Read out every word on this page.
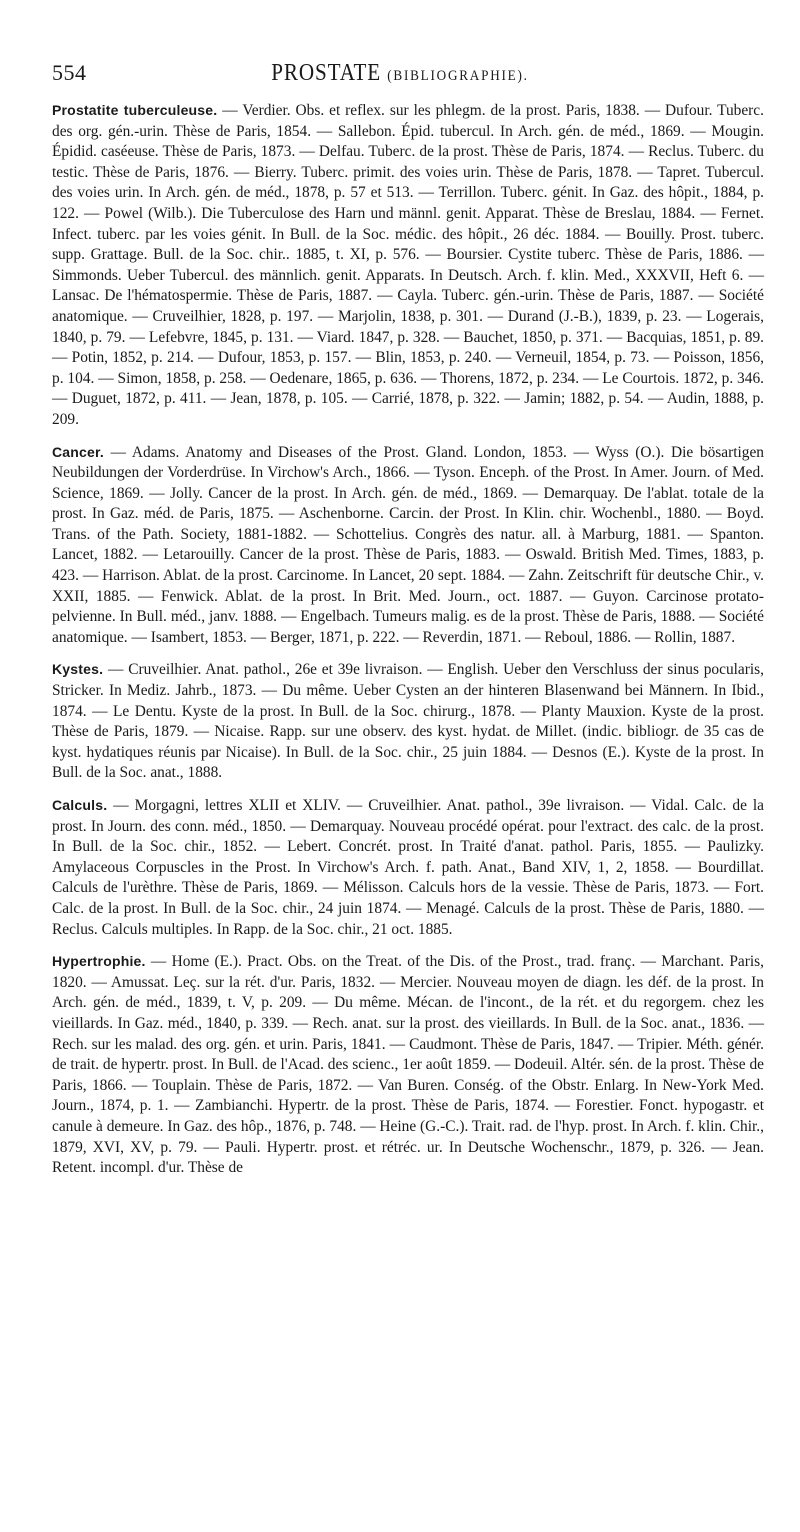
554	PROSTATE (BIBLIOGRAPHIE).

Prostatite tuberculeuse. — Verdier. Obs. et reflex. sur les phlegm. de la prost. Paris, 1838. — Dufour. Tuberc. des org. gén.-urin. Thèse de Paris, 1854. — Sallebon. Épid. tubercul. In Arch. gén. de méd., 1869. — Mougin. Épidid. caséeuse. Thèse de Paris, 1873. — Delfau. Tuberc. de la prost. Thèse de Paris, 1874. — Reclus. Tuberc. du testic. Thèse de Paris, 1876. — Bierry. Tuberc. primit. des voies urin. Thèse de Paris, 1878. — Tapret. Tubercul. des voies urin. In Arch. gén. de méd., 1878, p. 57 et 513. — Terrillon. Tuberc. génit. In Gaz. des hôpit., 1884, p. 122. — Powel (Wilb.). Die Tuberculose des Harn und männl. genit. Apparat. Thèse de Breslau, 1884. — Fernet. Infect. tuberc. par les voies génit. In Bull. de la Soc. médic. des hôpit., 26 déc. 1884. — Bouilly. Prost. tuberc. supp. Grattage. Bull. de la Soc. chir.. 1885, t. XI, p. 576. — Boursier. Cystite tuberc. Thèse de Paris, 1886. — Simmonds. Ueber Tubercul. des männlich. genit. Apparats. In Deutsch. Arch. f. klin. Med., XXXVII, Heft 6. — Lansac. De l'hématospermie. Thèse de Paris, 1887. — Cayla. Tuberc. gén.-urin. Thèse de Paris, 1887. — Société anatomique. — Cruveilhier, 1828, p. 197. — Marjolin, 1838, p. 301. — Durand (J.-B.), 1839, p. 23. — Logerais, 1840, p. 79. — Lefebvre, 1845, p. 131. — Viard. 1847, p. 328. — Bauchet, 1850, p. 371. — Bacquias, 1851, p. 89. — Potin, 1852, p. 214. — Dufour, 1853, p. 157. — Blin, 1853, p. 240. — Verneuil, 1854, p. 73. — Poisson, 1856, p. 104. — Simon, 1858, p. 258. — Oedenare, 1865, p. 636. — Thorens, 1872, p. 234. — Le Courtois. 1872, p. 346. — Duguet, 1872, p. 411. — Jean, 1878, p. 105. — Carrié, 1878, p. 322. — Jamin; 1882, p. 54. — Audin, 1888, p. 209.

Cancer. — Adams. Anatomy and Diseases of the Prost. Gland. London, 1853. — Wyss (O.). Die bösartigen Neubildungen der Vorderdrüse. In Virchow's Arch., 1866. — Tyson. Enceph. of the Prost. In Amer. Journ. of Med. Science, 1869. — Jolly. Cancer de la prost. In Arch. gén. de méd., 1869. — Demarquay. De l'ablat. totale de la prost. In Gaz. méd. de Paris, 1875. — Aschenborne. Carcin. der Prost. In Klin. chir. Wochenbl., 1880. — Boyd. Trans. of the Path. Society, 1881-1882. — Schottelius. Congrès des natur. all. à Marburg, 1881. — Spanton. Lancet, 1882. — Letarouilly. Cancer de la prost. Thèse de Paris, 1883. — Oswald. British Med. Times, 1883, p. 423. — Harrison. Ablat. de la prost. Carcinome. In Lancet, 20 sept. 1884. — Zahn. Zeitschrift für deutsche Chir., v. XXII, 1885. — Fenwick. Ablat. de la prost. In Brit. Med. Journ., oct. 1887. — Guyon. Carcinose protato-pelvienne. In Bull. méd., janv. 1888. — Engelbach. Tumeurs malig. es de la prost. Thèse de Paris, 1888. — Société anatomique. — Isambert, 1853. — Berger, 1871, p. 222. — Reverdin, 1871. — Reboul, 1886. — Rollin, 1887.

Kystes. — Cruveilhier. Anat. pathol., 26e et 39e livraison. — English. Ueber den Verschluss der sinus pocularis, Stricker. In Mediz. Jahrb., 1873. — Du même. Ueber Cysten an der hinteren Blasenwand bei Männern. In Ibid., 1874. — Le Dentu. Kyste de la prost. In Bull. de la Soc. chirurg., 1878. — Planty Mauxion. Kyste de la prost. Thèse de Paris, 1879. — Nicaise. Rapp. sur une observ. des kyst. hydat. de Millet. (indic. bibliogr. de 35 cas de kyst. hydatiques réunis par Nicaise). In Bull. de la Soc. chir., 25 juin 1884. — Desnos (E.). Kyste de la prost. In Bull. de la Soc. anat., 1888.

Calculs. — Morgagni, lettres XLII et XLIV. — Cruveilhier. Anat. pathol., 39e livraison. — Vidal. Calc. de la prost. In Journ. des conn. méd., 1850. — Demarquay. Nouveau procédé opérat. pour l'extract. des calc. de la prost. In Bull. de la Soc. chir., 1852. — Lebert. Concrét. prost. In Traité d'anat. pathol. Paris, 1855. — Paulizky. Amylaceous Corpuscles in the Prost. In Virchow's Arch. f. path. Anat., Band XIV, 1, 2, 1858. — Bourdillat. Calculs de l'urèthre. Thèse de Paris, 1869. — Mélisson. Calculs hors de la vessie. Thèse de Paris, 1873. — Fort. Calc. de la prost. In Bull. de la Soc. chir., 24 juin 1874. — Menagé. Calculs de la prost. Thèse de Paris, 1880. — Reclus. Calculs multiples. In Rapp. de la Soc. chir., 21 oct. 1885.

Hypertrophie. — Home (E.). Pract. Obs. on the Treat. of the Dis. of the Prost., trad. franç. — Marchant. Paris, 1820. — Amussat. Leç. sur la rét. d'ur. Paris, 1832. — Mercier. Nouveau moyen de diagn. les déf. de la prost. In Arch. gén. de méd., 1839, t. V, p. 209. — Du même. Mécan. de l'incont., de la rét. et du regorgem. chez les vieillards. In Gaz. méd., 1840, p. 339. — Rech. anat. sur la prost. des vieillards. In Bull. de la Soc. anat., 1836. — Rech. sur les malad. des org. gén. et urin. Paris, 1841. — Caudmont. Thèse de Paris, 1847. — Tripier. Méth. génér. de trait. de hypertr. prost. In Bull. de l'Acad. des scienc., 1er août 1859. — Dodeuil. Altér. sén. de la prost. Thèse de Paris, 1866. — Touplain. Thèse de Paris, 1872. — Van Buren. Conség. of the Obstr. Enlarg. In New-York Med. Journ., 1874, p. 1. — Zambianchi. Hypertr. de la prost. Thèse de Paris, 1874. — Forestier. Fonct. hypogastr. et canule à demeure. In Gaz. des hôp., 1876, p. 748. — Heine (G.-C.). Trait. rad. de l'hyp. prost. In Arch. f. klin. Chir., 1879, XVI, XV, p. 79. — Pauli. Hypertr. prost. et rétréc. ur. In Deutsche Wochenschr., 1879, p. 326. — Jean. Retent. incompl. d'ur. Thèse de
